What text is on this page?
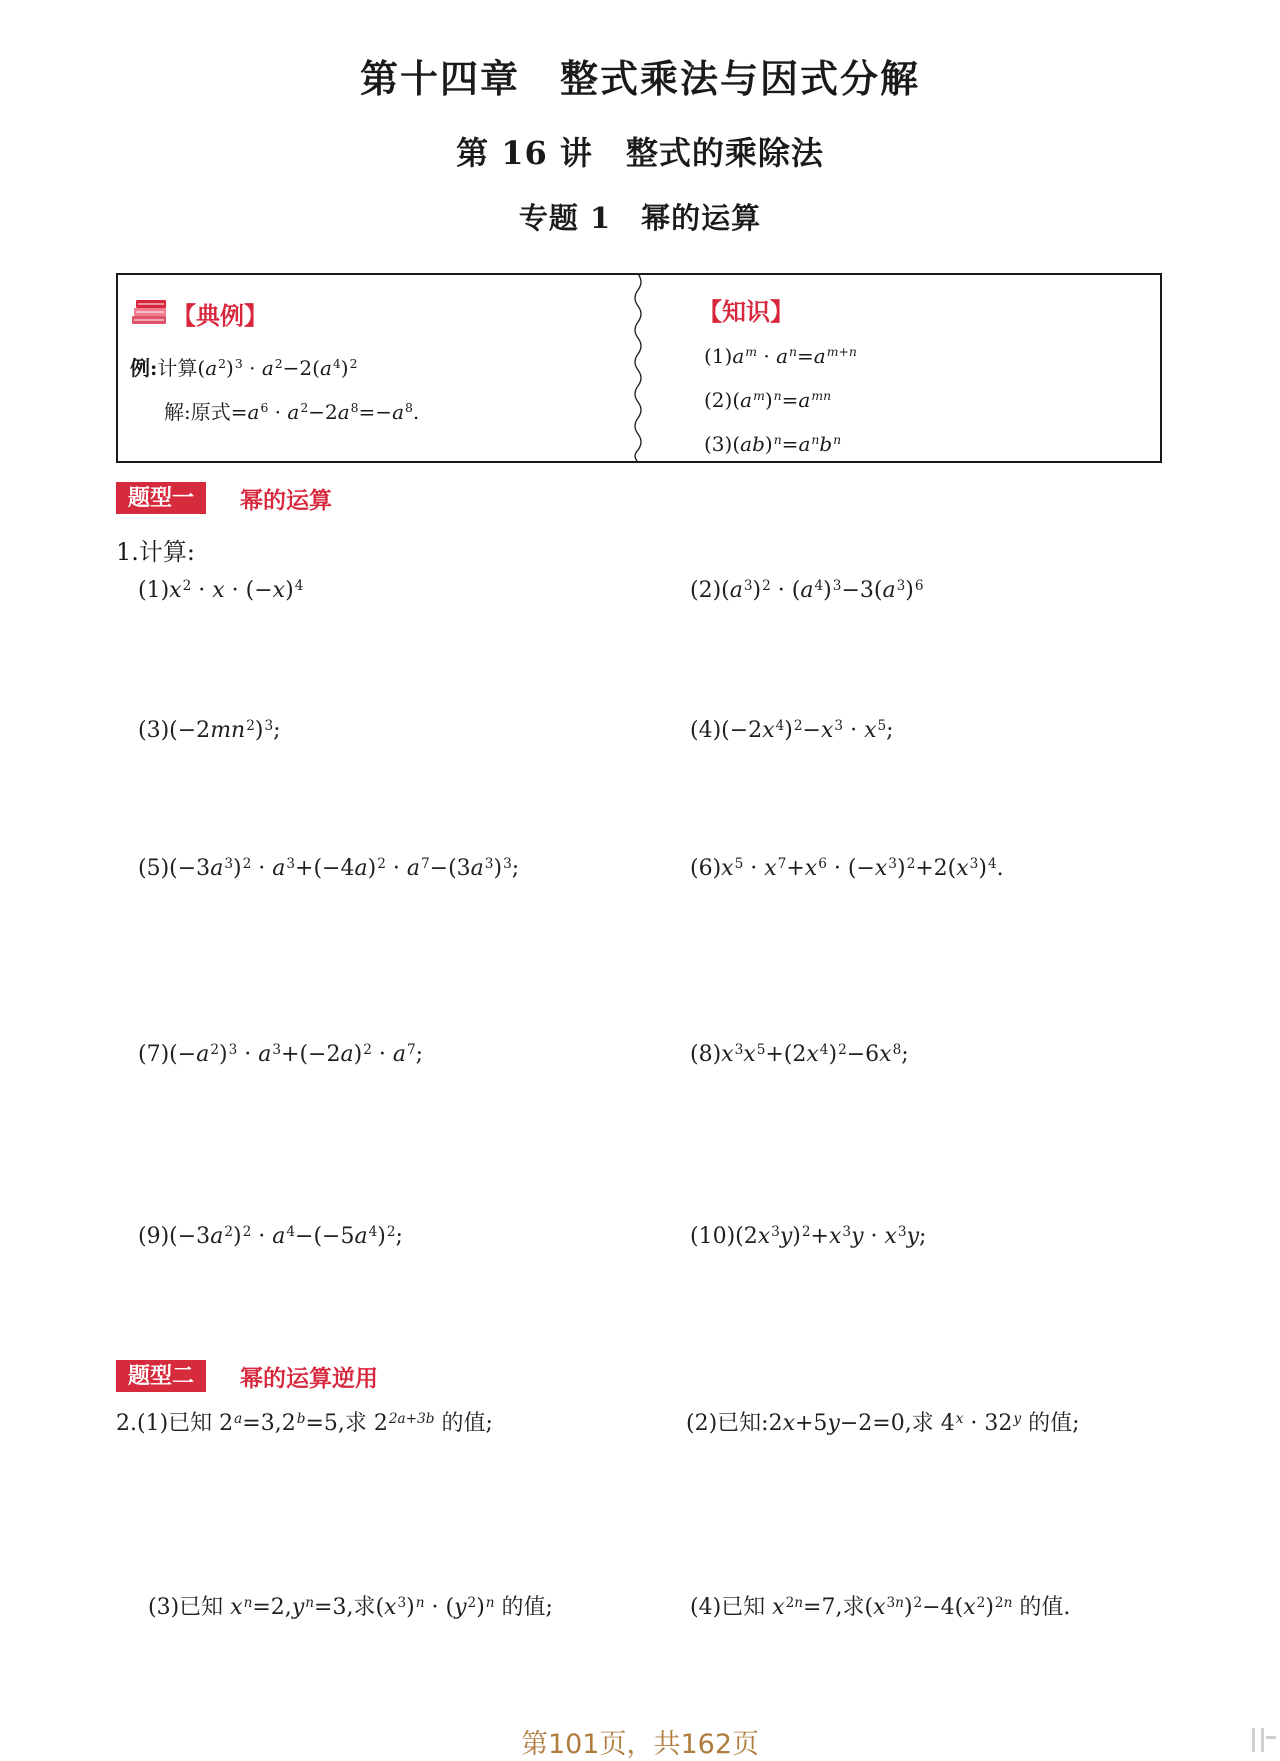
第十四章　整式乘法与因式分解
第 16 讲　整式的乘除法
专题 1　幂的运算
【典例】
例:计算$(a^2)^3 \cdot a^2-2(a^4)^2$
解:原式$=a^6 \cdot a^2-2a^8=-a^8$.
【知识】
$(1)a^m \cdot a^n=a^{m+n}$
$(2)(a^m)^n=a^{mn}$
$(3)(ab)^n=a^nb^n$
题型一	幂的运算
1.计算:
$(1)x^2 \cdot x \cdot (-x)^4$	$(2)(a^3)^2 \cdot (a^4)^3-3(a^3)^6$
$(3)(-2mn^2)^3$;	$(4)(-2x^4)^2-x^3 \cdot x^5$;
$(5)(-3a^3)^2 \cdot a^3+(-4a)^2 \cdot a^7-(3a^3)^3$;	$(6)x^5 \cdot x^7+x^6 \cdot (-x^3)^2+2(x^3)^4$.
$(7)(-a^2)^3 \cdot a^3+(-2a)^2 \cdot a^7$;	$(8)x^3x^5+(2x^4)^2-6x^8$;
$(9)(-3a^2)^2 \cdot a^4-(-5a^4)^2$;	$(10)(2x^3y)^2+x^3y \cdot x^3y$;
题型二	幂的运算逆用
2.(1)已知 $2^a=3,2^b=5$,求 $2^{2a+3b}$ 的值;	(2)已知:2x+5y−2=0,求 $4^x \cdot 32^y$ 的值;
(3)已知 $x^n=2,y^n=3$,求$(x^3)^n \cdot (y^2)^n$ 的值;	(4)已知 $x^{2n}=7$,求$(x^{3n})^2-4(x^2)^{2n}$ 的值.
第101页，共162页
